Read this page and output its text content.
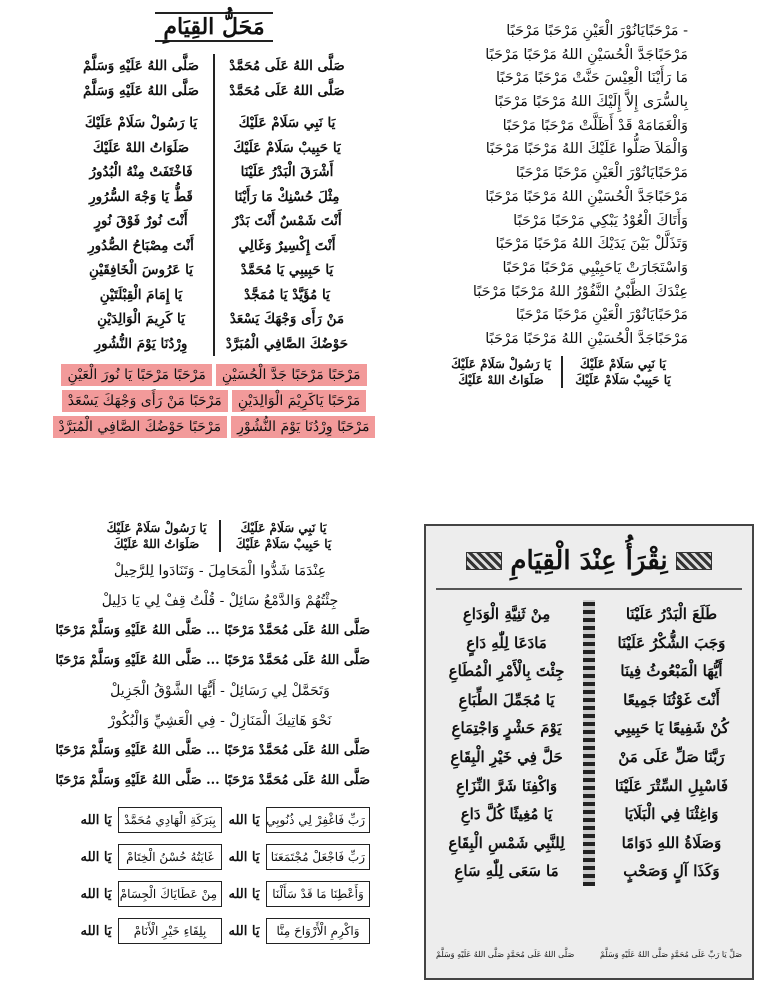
مَحَلُّ القِيَامِ
صَلَّى اللهُ عَلَى مُحَمَّدْ
صَلَّى اللهُ عَلَى مُحَمَّدْ
يَا نَبِي سَلَامْ عَلَيْكَ
يَا حَبِيبْ سَلَامْ عَلَيْكَ
أَشْرَقَ الْبَدْرُ عَلَيْنَا
مِثْلَ حُسْنِكْ مَا رَأَيْنَا
أَنْتَ شَمْسٌ أَنْتَ بَدْرٌ
أَنْتَ إِكْسِيرٌ وَغَالِي
يَا حَبِيبِي يَا مُحَمَّدْ
يَا مُؤَيَّدْ يَا مُمَجَّدْ
مَنْ رَأَى وَجْهَكَ يَسْعَدْ
حَوْضُكَ الصَّافِي الْمُبَرَّدْ
صَلَّى اللهُ عَلَيْهِ وَسَلَّمْ
صَلَّى اللهُ عَلَيْهِ وَسَلَّمْ
يَا رَسُولْ سَلَامْ عَلَيْكَ
صَلَوَاتُ اللهْ عَلَيْكَ
فَاخْتَفَتْ مِنْهُ الْبُدُورُ
قَطُّ يَا وَجْهَ السُّرُورِ
أَنْتَ نُورٌ فَوْقَ نُورٍ
أَنْتَ مِصْبَاحُ الصُّدُورِ
يَا عَرُوسَ الْخَافِقَيْنِ
يَا إِمَامَ الْقِبْلَتَيْنِ
يَا كَرِيمَ الْوَالِدَيْنِ
وِرْدُنَا يَوْمَ النُّشُورِ
مَرْحَبًا مَرْحَبًا جَدَّ الْحُسَيْنِ
مَرْحَبًا مَرْحَبًا يَا نُورَ الْعَيْنِ
مَرْحَبًا يَاكَرِيْمَ الْوَالِدَيْنِ
مَرْحَبًا مَنْ رَأَى وَجْهَكَ يَسْعَدْ
مَرْحَبًا وِرْدُنَا يَوْمَ النُّشُوْرِ
مَرْحَبًا حَوْضُكَ الصَّافِي الْمُبَرَّدْ
- مَرْحَبًايَانُوْرَ الْعَيْنِ مَرْحَبًا مَرْحَبًا
مَرْحَبًاجَدَّ الْحُسَيْنِ اللهُ مَرْحَبًا مَرْحَبًا
مَا رَأَيْنَا الْعِيْسَ حَنَّتْ مَرْحَبًا مَرْحَبًا
بِالسُّرَى إِلاَّ إِلَيْكَ اللهُ مَرْحَبًا مَرْحَبًا
وَالْغَمَامَهْ قَدْ أَظَلَّتْ مَرْحَبًا مَرْحَبًا
وَالْمَلاَ صَلُّوا عَلَيْكَ اللهُ مَرْحَبًا مَرْحَبًا
مَرْحَبًايَانُوْرَ الْعَيْنِ مَرْحَبًا مَرْحَبًا
مَرْحَبًاجَدَّ الْحُسَيْنِ اللهُ مَرْحَبًا مَرْحَبًا
وَأَتَاكَ الْعُوْدُ يَبْكِي مَرْحَبًا مَرْحَبًا
وَتَذَلَّلْ بَيْنَ يَدَيْكَ اللهُ مَرْحَبًا مَرْحَبًا
وَاسْتَجَارَتْ يَاحَبِيْبِي مَرْحَبًا مَرْحَبًا
عِنْدَكَ الظَّبْيُ النَّفُوْرُ اللهُ مَرْحَبًا مَرْحَبًا
مَرْحَبًايَانُوْرَ الْعَيْنِ مَرْحَبًا مَرْحَبًا
مَرْحَبًاجَدَّ الْحُسَيْنِ اللهُ مَرْحَبًا مَرْحَبًا
يَا نَبِي سَلَامْ عَلَيْكَ
يَا حَبِيبْ سَلَامْ عَلَيْكَ
يَا رَسُولْ سَلَامْ عَلَيْكَ
صَلَوَاتُ اللهْ عَلَيْكَ
يَا نَبِي سَلَامْ عَلَيْكَ
يَا حَبِيبْ سَلَامْ عَلَيْكَ
يَا رَسُولْ سَلَامْ عَلَيْكَ
صَلَوَاتُ اللهْ عَلَيْكَ
عِنْدَمَا شَدُّوا الْمَحَامِلَ - وَتَنَادَوا لِلرَّحِيلْ
جِئْتُهُمْ وَالدَّمْعُ سَائِلْ - قُلْتُ قِفْ لِي يَا دَلِيلْ
صَلَّى اللهُ عَلَى مُحَمَّدْ مَرْحَبًا ... صَلَّى اللهُ عَلَيْهِ وَسَلَّمْ مَرْحَبًا
صَلَّى اللهُ عَلَى مُحَمَّدْ مَرْحَبًا ... صَلَّى اللهُ عَلَيْهِ وَسَلَّمْ مَرْحَبًا
وَتَحَمَّلْ لِي رَسَائِلْ - أَيُّهَا الشَّوْقُ الْجَزِيلْ
نَحْوَ هَاتِيكَ الْمَنَازِلْ - فِي الْعَشِيِّ وَالْبُكُورْ
صَلَّى اللهُ عَلَى مُحَمَّدْ مَرْحَبًا ... صَلَّى اللهُ عَلَيْهِ وَسَلَّمْ مَرْحَبًا
صَلَّى اللهُ عَلَى مُحَمَّدْ مَرْحَبًا ... صَلَّى اللهُ عَلَيْهِ وَسَلَّمْ مَرْحَبًا
رَبِّ فَاغْفِرْ لِي ذُنُوبِي
يَا الله
بِبَرَكَةِ الْهَادِي مُحَمَّدْ
يَا الله
رَبِّ فَاجْعَلْ مُجْتَمَعَنَا
يَا الله
غَايَتُهُ حُسْنُ الْخِتَامْ
يَا الله
وَأَعْطِنَا مَا قَدْ سَأَلْنَا
يَا الله
مِنْ عَطَايَاكَ الْجِسَامْ
يَا الله
وَاكْرِمِ الْأَرْوَاحَ مِنَّا
يَا الله
بِلِقَاءِ خَيْرِ الْأَنَامْ
يَا الله
نِقْرَأُ عِنْدَ الْقِيَامِ
طَلَعَ الْبَدْرُ عَلَيْنَا
وَجَبَ الشُّكْرُ عَلَيْنَا
أَيُّهَا الْمَبْعُوثُ فِينَا
أَنْتَ غَوْثُنَا جَمِيعًا
كُنْ شَفِيعًا يَا حَبِيبِي
رَبَّنَا صَلِّ عَلَى مَنْ
فَاسْبِلِ السِّتْرَ عَلَيْنَا
وَاغِثْنَا فِي الْبَلَايَا
وَصَلَاةُ اللهِ دَوَامًا
وَكَذَا آلٍ وَصَحْبٍ
مِنْ ثَنِيَّةِ الْوَدَاعِ
مَادَعَا لِلّٰهِ دَاعٍ
جِئْتَ بِالْأَمْرِ الْمُطَاعِ
يَا مُجَمِّلَ الطِّبَاعِ
يَوْمَ حَشْرٍ وَاجْتِمَاعِ
حَلَّ فِي خَيْرِ الْبِقَاعِ
وَاكْفِنَا شَرَّ النِّزَاعِ
يَا مُغِيثًا كُلَّ دَاعِ
لِلنَّبِي شَمْسِ الْبِقَاعِ
مَا سَعَى لِلّٰهِ سَاعِ
صَلِّ يَا رَبِّ عَلَى مُحَمَّدٍ صَلَّى اللهُ عَلَيْهِ وَسَلَّمْ
صَلَّى اللهُ عَلَى مُحَمَّدٍ صَلَّى اللهُ عَلَيْهِ وَسَلَّمْ
